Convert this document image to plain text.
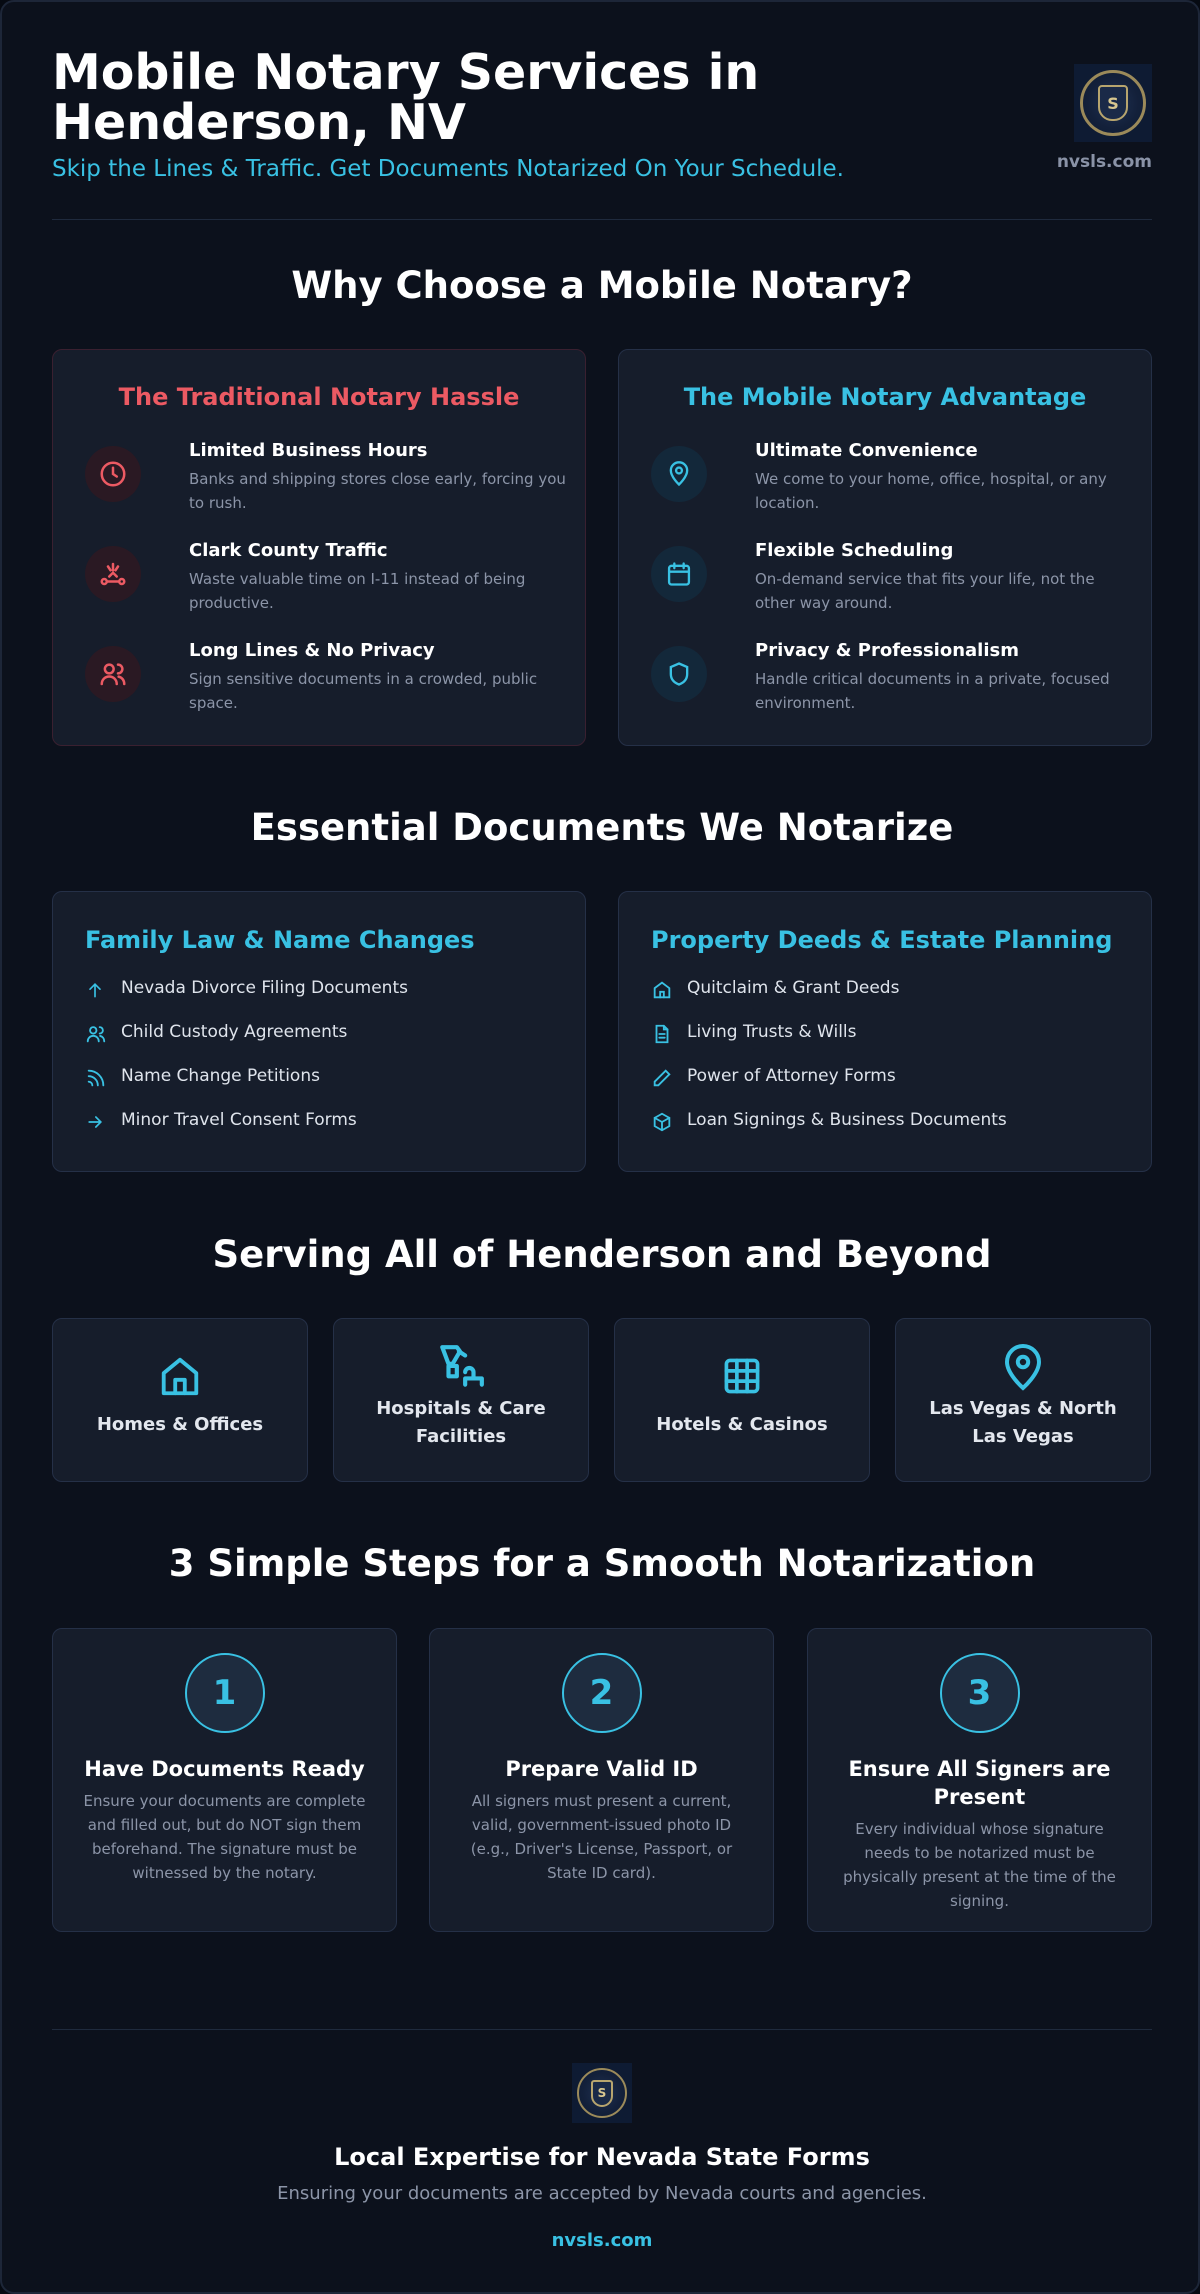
Mobile Notary Services in Henderson, NV
Skip the Lines & Traffic. Get Documents Notarized On Your Schedule.
S
nvsls.com
Why Choose a Mobile Notary?
The Traditional Notary Hassle
Limited Business Hours
Banks and shipping stores close early, forcing you to rush.
Clark County Traffic
Waste valuable time on I-11 instead of being productive.
Long Lines & No Privacy
Sign sensitive documents in a crowded, public space.
The Mobile Notary Advantage
Ultimate Convenience
We come to your home, office, hospital, or any location.
Flexible Scheduling
On-demand service that fits your life, not the other way around.
Privacy & Professionalism
Handle critical documents in a private, focused environment.
Essential Documents We Notarize
Family Law & Name Changes
Nevada Divorce Filing Documents
Child Custody Agreements
Name Change Petitions
Minor Travel Consent Forms
Property Deeds & Estate Planning
Quitclaim & Grant Deeds
Living Trusts & Wills
Power of Attorney Forms
Loan Signings & Business Documents
Serving All of Henderson and Beyond
Homes & Offices
Hospitals & Care Facilities
Hotels & Casinos
Las Vegas & North Las Vegas
3 Simple Steps for a Smooth Notarization
1
Have Documents Ready
Ensure your documents are complete and filled out, but do NOT sign them beforehand. The signature must be witnessed by the notary.
2
Prepare Valid ID
All signers must present a current, valid, government-issued photo ID (e.g., Driver's License, Passport, or State ID card).
3
Ensure All Signers are Present
Every individual whose signature needs to be notarized must be physically present at the time of the signing.
S
Local Expertise for Nevada State Forms
Ensuring your documents are accepted by Nevada courts and agencies.
nvsls.com
